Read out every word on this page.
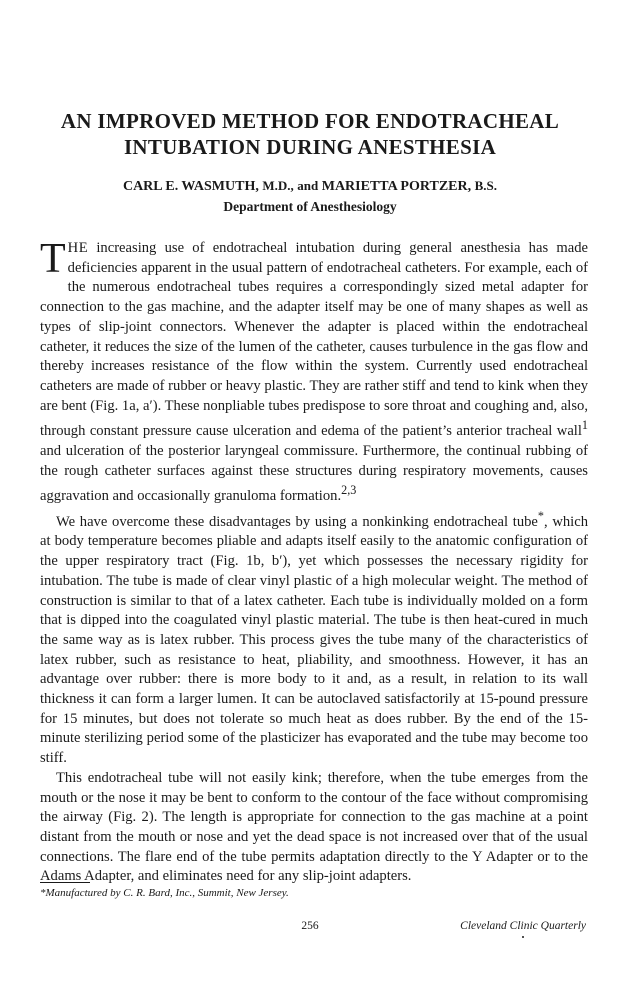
AN IMPROVED METHOD FOR ENDOTRACHEAL
INTUBATION DURING ANESTHESIA

CARL E. WASMUTH, M.D., and MARIETTA PORTZER, B.S.

Department of Anesthesiology

THE increasing use of endotracheal intubation during general anesthesia has made deficiencies apparent in the usual pattern of endotracheal catheters. For example, each of the numerous endotracheal tubes requires a correspondingly sized metal adapter for connection to the gas machine, and the adapter itself may be one of many shapes as well as types of slip-joint connectors. Whenever the adapter is placed within the endotracheal catheter, it reduces the size of the lumen of the catheter, causes turbulence in the gas flow and thereby increases resistance of the flow within the system. Currently used endotracheal catheters are made of rubber or heavy plastic. They are rather stiff and tend to kink when they are bent (Fig. 1a, a′). These nonpliable tubes predispose to sore throat and coughing and, also, through constant pressure cause ulceration and edema of the patient’s anterior tracheal wall$^1$ and ulceration of the posterior laryngeal commissure. Furthermore, the continual rubbing of the rough catheter surfaces against these structures during respiratory movements, causes aggravation and occasionally granuloma formation.$^{2,3}$

We have overcome these disadvantages by using a nonkinking endotracheal tube*, which at body temperature becomes pliable and adapts itself easily to the anatomic configuration of the upper respiratory tract (Fig. 1b, b′), yet which possesses the necessary rigidity for intubation. The tube is made of clear vinyl plastic of a high molecular weight. The method of construction is similar to that of a latex catheter. Each tube is individually molded on a form that is dipped into the coagulated vinyl plastic material. The tube is then heat-cured in much the same way as is latex rubber. This process gives the tube many of the characteristics of latex rubber, such as resistance to heat, pliability, and smoothness. However, it has an advantage over rubber: there is more body to it and, as a result, in relation to its wall thickness it can form a larger lumen. It can be autoclaved satisfactorily at 15-pound pressure for 15 minutes, but does not tolerate so much heat as does rubber. By the end of the 15-minute sterilizing period some of the plasticizer has evaporated and the tube may become too stiff.

This endotracheal tube will not easily kink; therefore, when the tube emerges from the mouth or the nose it may be bent to conform to the contour of the face without compromising the airway (Fig. 2). The length is appropriate for connection to the gas machine at a point distant from the mouth or nose and yet the dead space is not increased over that of the usual connections. The flare end of the tube permits adaptation directly to the Y Adapter or to the Adams Adapter, and eliminates need for any slip-joint adapters.

*Manufactured by C. R. Bard, Inc., Summit, New Jersey.

256	Cleveland Clinic Quarterly
